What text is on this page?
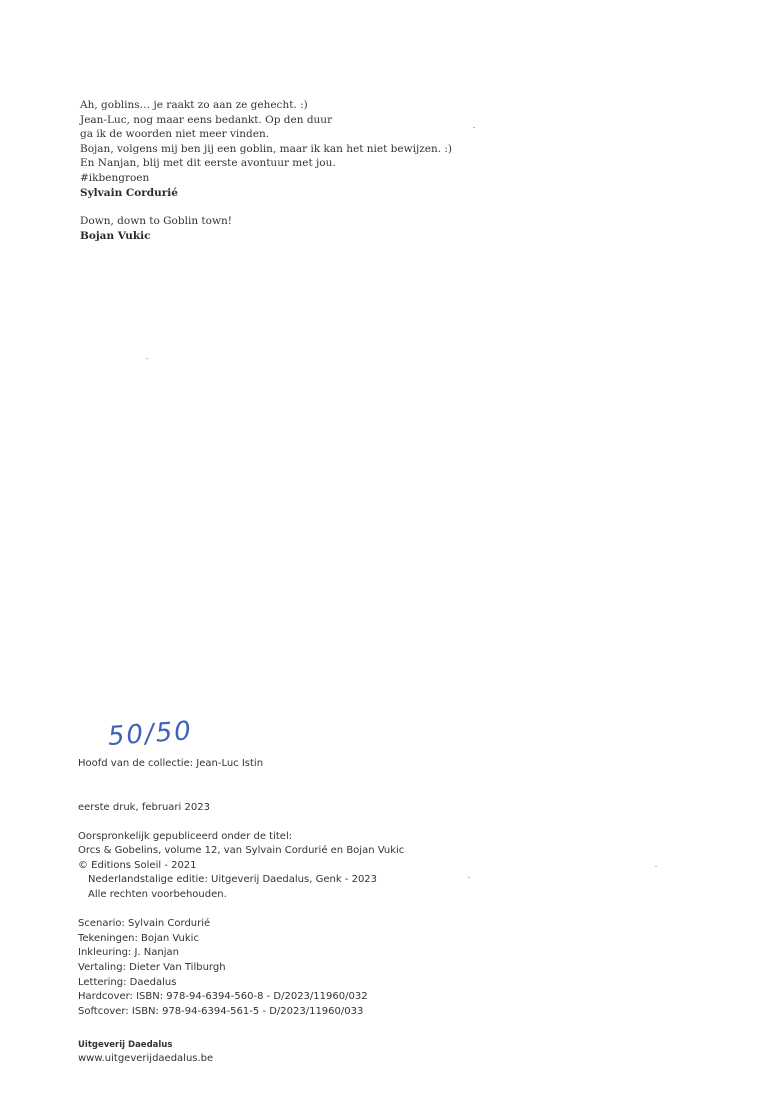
Ah, goblins… je raakt zo aan ze gehecht. :)
Jean-Luc, nog maar eens bedankt. Op den duur
ga ik de woorden niet meer vinden.
Bojan, volgens mij ben jij een goblin, maar ik kan het niet bewijzen. :)
En Nanjan, blij met dit eerste avontuur met jou.
#ikbengroen
Sylvain Cordurié
Down, down to Goblin town!
Bojan Vukic
50/50
Hoofd van de collectie: Jean-Luc Istin
eerste druk, februari 2023
Oorspronkelijk gepubliceerd onder de titel:
Orcs & Gobelins, volume 12, van Sylvain Cordurié en Bojan Vukic
© Editions Soleil - 2021
Nederlandstalige editie: Uitgeverij Daedalus, Genk - 2023
Alle rechten voorbehouden.
Scenario: Sylvain Cordurié
Tekeningen: Bojan Vukic
Inkleuring: J. Nanjan
Vertaling: Dieter Van Tilburgh
Lettering: Daedalus
Hardcover: ISBN: 978-94-6394-560-8 - D/2023/11960/032
Softcover: ISBN: 978-94-6394-561-5 - D/2023/11960/033
Uitgeverij Daedalus
www.uitgeverijdaedalus.be
